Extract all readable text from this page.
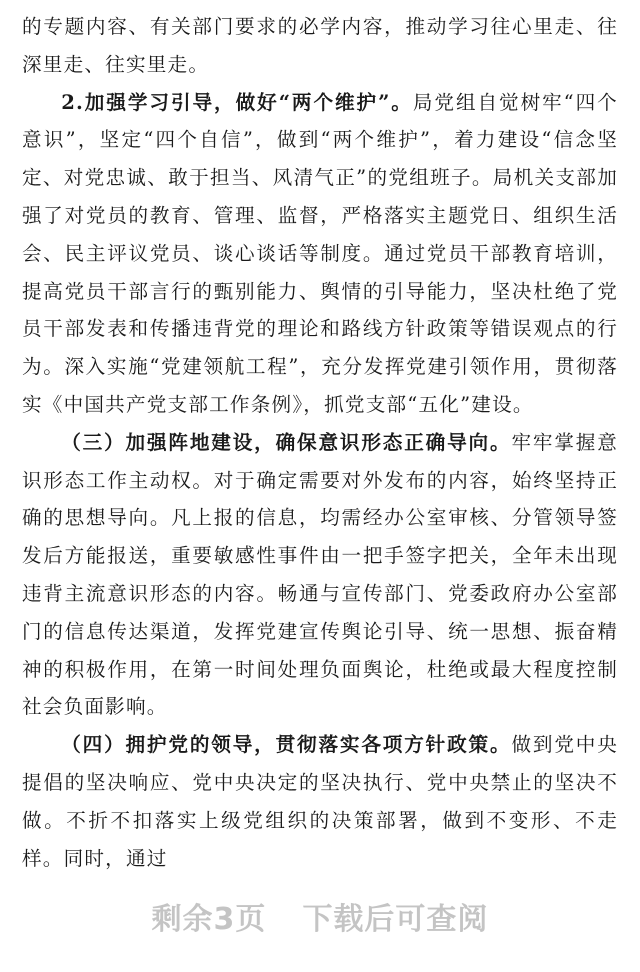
的专题内容、有关部门要求的必学内容，推动学习往心里走、往深里走、往实里走。

2.加强学习引导，做好“两个维护”。局党组自觉树牢“四个意识”，坚定“四个自信”，做到“两个维护”，着力建设“信念坚定、对党忠诚、敢于担当、风清气正”的党组班子。局机关支部加强了对党员的教育、管理、监督，严格落实主题党日、组织生活会、民主评议党员、谈心谈话等制度。通过党员干部教育培训，提高党员干部言行的甄别能力、舆情的引导能力，坚决杜绝了党员干部发表和传播违背党的理论和路线方针政策等错误观点的行为。深入实施“党建领航工程”，充分发挥党建引领作用，贯彻落实《中国共产党支部工作条例》，抓党支部“五化”建设。

（三）加强阵地建设，确保意识形态正确导向。牢牢掌握意识形态工作主动权。对于确定需要对外发布的内容，始终坚持正确的思想导向。凡上报的信息，均需经办公室审核、分管领导签发后方能报送，重要敏感性事件由一把手签字把关，全年未出现违背主流意识形态的内容。畅通与宣传部门、党委政府办公室部门的信息传达渠道，发挥党建宣传舆论引导、统一思想、振奋精神的积极作用，在第一时间处理负面舆论，杜绝或最大程度控制社会负面影响。

（四）拥护党的领导，贯彻落实各项方针政策。做到党中央提倡的坚决响应、党中央决定的坚决执行、党中央禁止的坚决不做。不折不扣落实上级党组织的决策部署，做到不变形、不走样。同时，通过

剩余3页 下载后可查阅
